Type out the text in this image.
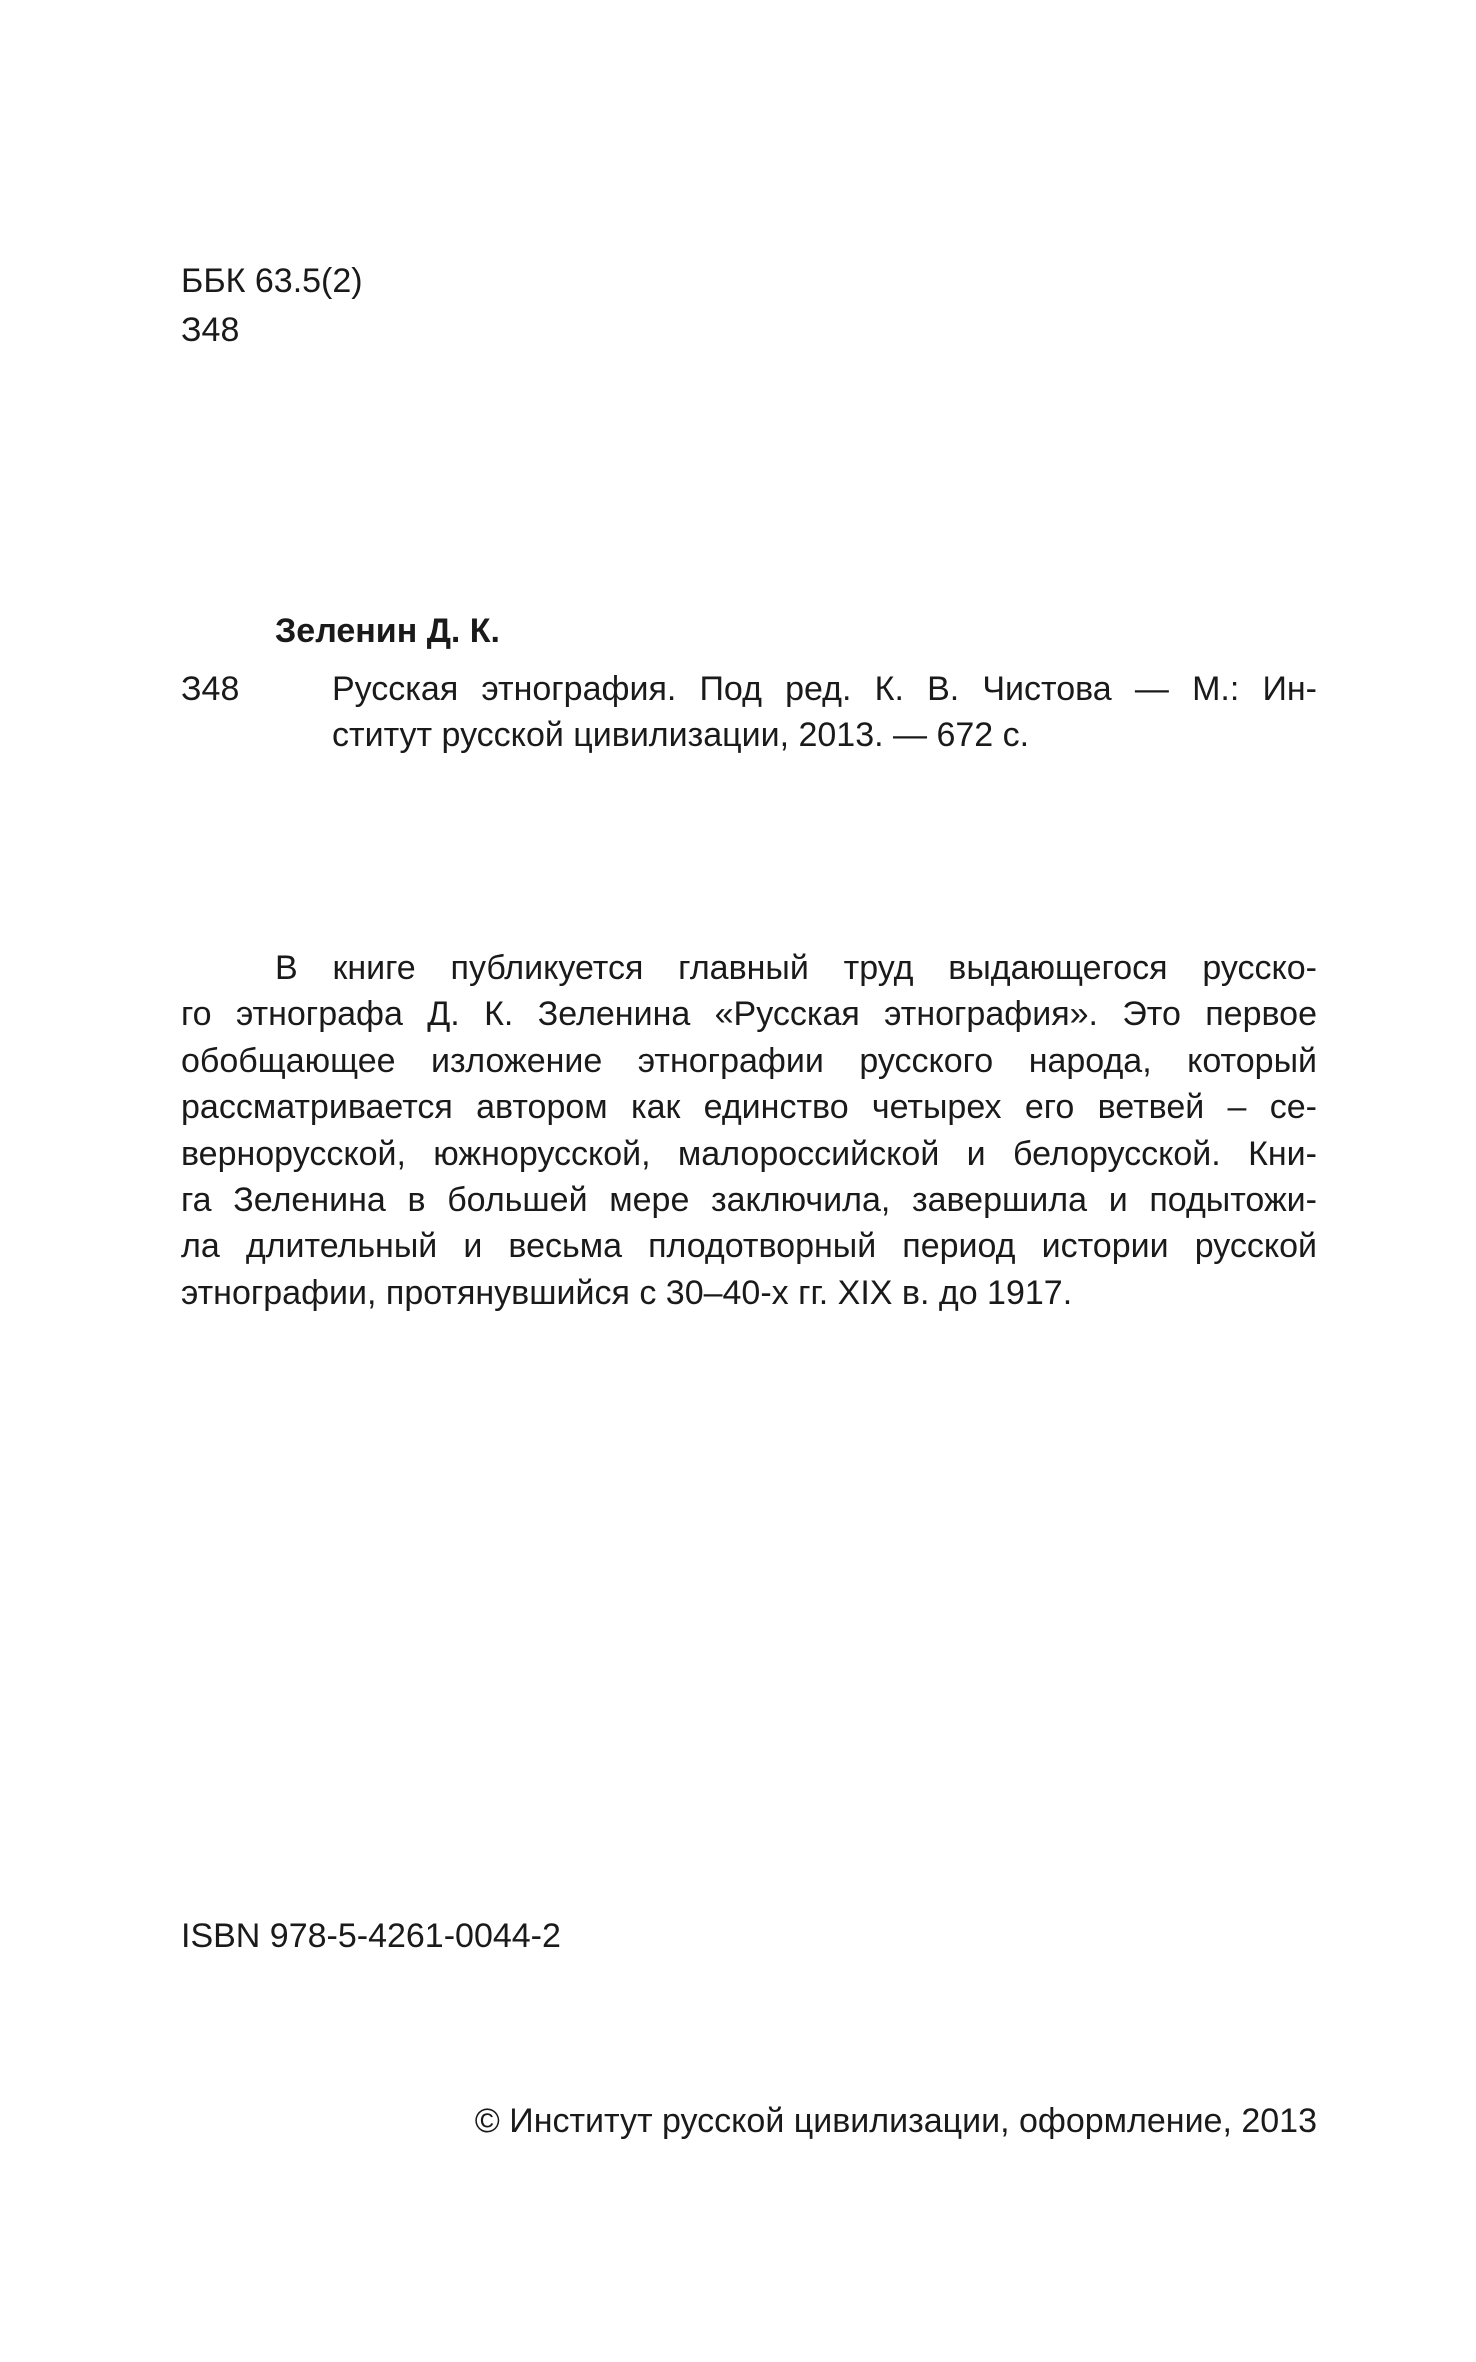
ББК 63.5(2)
З48
Зеленин Д. К.
З48	Русская этнография. Под ред. К. В. Чистова — М.: Ин-
ститут русской цивилизации, 2013. — 672 с.
В книге публикуется главный труд выдающегося русско-
го этнографа Д. К. Зеленина «Русская этнография». Это первое
обобщающее изложение этнографии русского народа, который
рассматривается автором как единство четырех его ветвей – се-
вернорусской, южнорусской, малороссийской и белорусской. Кни-
га Зеленина в большей мере заключила, завершила и подытожи-
ла длительный и весьма плодотворный период истории русской
этнографии, протянувшийся с 30–40-х гг. XIX в. до 1917.
ISBN 978-5-4261-0044-2
© Институт русской цивилизации, оформление, 2013
